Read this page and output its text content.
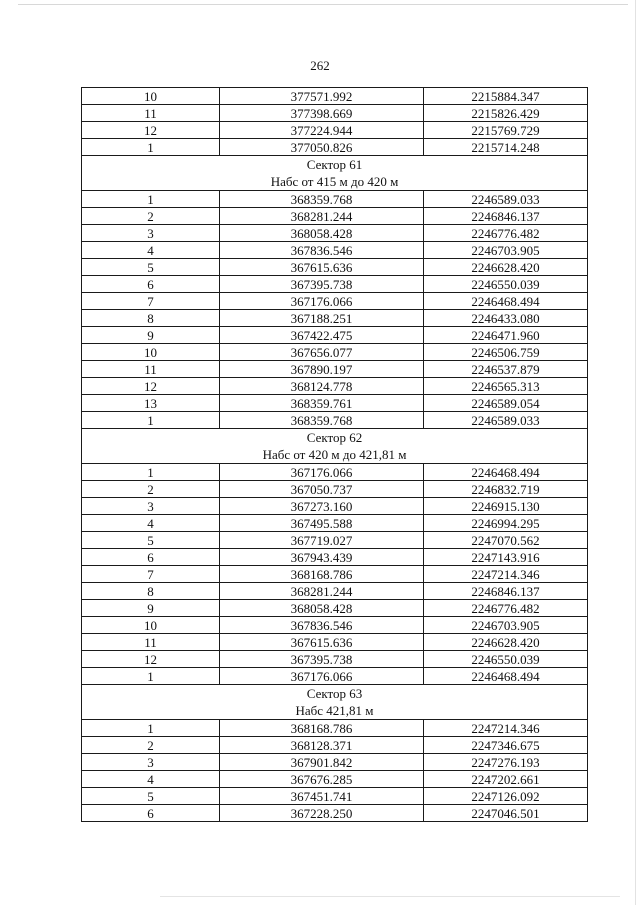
262
10	377571.992	2215884.347
11	377398.669	2215826.429
12	377224.944	2215769.729
1	377050.826	2215714.248

Сектор 61
Набс от 415 м до 420 м		

1	368359.768	2246589.033
2	368281.244	2246846.137
3	368058.428	2246776.482
4	367836.546	2246703.905
5	367615.636	2246628.420
6	367395.738	2246550.039
7	367176.066	2246468.494
8	367188.251	2246433.080
9	367422.475	2246471.960
10	367656.077	2246506.759
11	367890.197	2246537.879
12	368124.778	2246565.313
13	368359.761	2246589.054
1	368359.768	2246589.033

Сектор 62
Набс от 420 м до 421,81 м		

1	367176.066	2246468.494
2	367050.737	2246832.719
3	367273.160	2246915.130
4	367495.588	2246994.295
5	367719.027	2247070.562
6	367943.439	2247143.916
7	368168.786	2247214.346
8	368281.244	2246846.137
9	368058.428	2246776.482
10	367836.546	2246703.905
11	367615.636	2246628.420
12	367395.738	2246550.039
1	367176.066	2246468.494

Сектор 63
Набс 421,81 м		

1	368168.786	2247214.346
2	368128.371	2247346.675
3	367901.842	2247276.193
4	367676.285	2247202.661
5	367451.741	2247126.092
6	367228.250	2247046.501
